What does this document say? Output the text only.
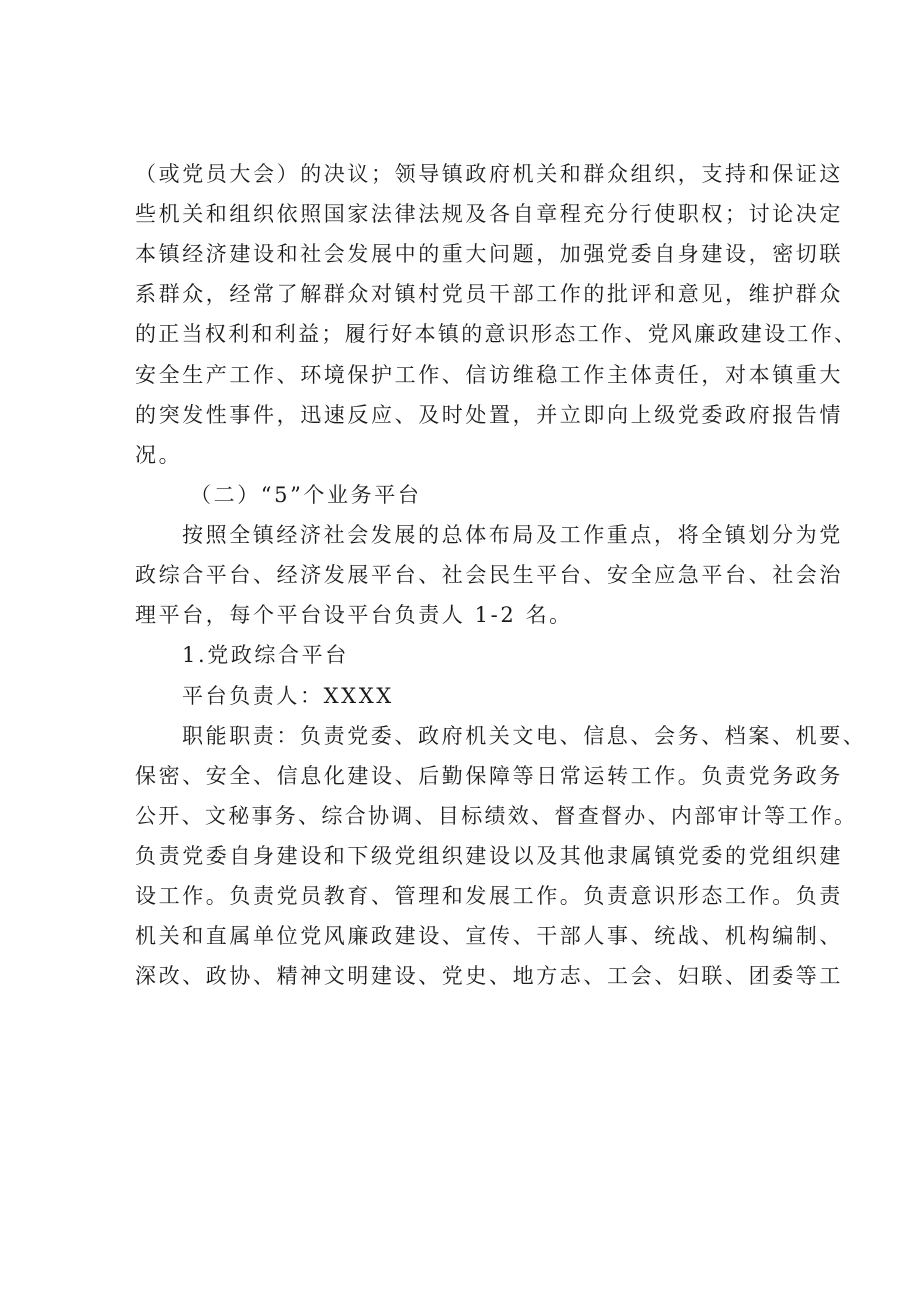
（或党员大会）的决议；领导镇政府机关和群众组织，支持和保证这

些机关和组织依照国家法律法规及各自章程充分行使职权；讨论决定

本镇经济建设和社会发展中的重大问题，加强党委自身建设，密切联

系群众，经常了解群众对镇村党员干部工作的批评和意见，维护群众

的正当权利和利益；履行好本镇的意识形态工作、党风廉政建设工作、

安全生产工作、环境保护工作、信访维稳工作主体责任，对本镇重大

的突发性事件，迅速反应、及时处置，并立即向上级党委政府报告情

况。

（二）“5”个业务平台

按照全镇经济社会发展的总体布局及工作重点，将全镇划分为党

政综合平台、经济发展平台、社会民生平台、安全应急平台、社会治

理平台，每个平台设平台负责人 1-2 名。

1.党政综合平台

平台负责人：XXXX

职能职责：负责党委、政府机关文电、信息、会务、档案、机要、

保密、安全、信息化建设、后勤保障等日常运转工作。负责党务政务

公开、文秘事务、综合协调、目标绩效、督查督办、内部审计等工作。

负责党委自身建设和下级党组织建设以及其他隶属镇党委的党组织建

设工作。负责党员教育、管理和发展工作。负责意识形态工作。负责

机关和直属单位党风廉政建设、宣传、干部人事、统战、机构编制、

深改、政协、精神文明建设、党史、地方志、工会、妇联、团委等工
